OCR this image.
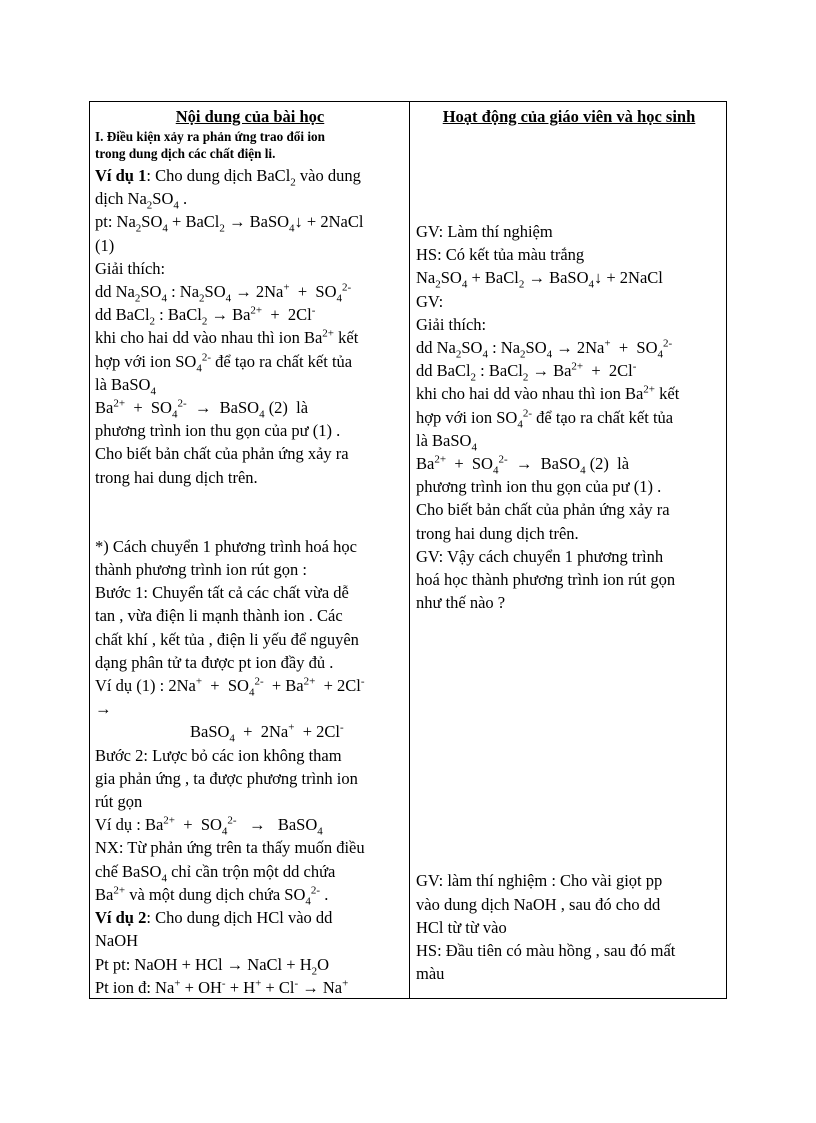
Nội dung của bài học

I. Điều kiện xảy ra phản ứng trao đổi ion
trong dung dịch các chất điện li.

Ví dụ 1: Cho dung dịch BaCl$_2$ vào dung

dịch $Na_2SO_4$ .

pt: $Na_2SO_4$ + BaCl$_2$ → BaSO$_4$↓ + 2NaCl

(1)

Giải thích:

dd $Na_2SO_4$ : $Na_2SO_4 \to 2Na^+ + SO_4^{2-}$

dd BaCl$_2$ : BaCl$_2$ → $Ba^{2+} + 2Cl^-$

khi cho hai dd vào nhau thì ion $Ba^{2+}$ kết

hợp với ion $SO_4^{2-}$ để tạo ra chất kết tủa

là BaSO$_4$

$Ba^{2+} + SO_4^{2-}$  →  BaSO$_4$ (2)  là

phương trình ion thu gọn của pư (1) .

Cho biết bản chất của phản ứng xảy ra

trong hai dung dịch trên.

*) Cách chuyển 1 phương trình hoá học

thành phương trình ion rút gọn :

Bước 1: Chuyển tất cả các chất vừa dễ

tan , vừa điện li mạnh thành ion . Các

chất khí , kết tủa , điện li yếu để nguyên

dạng phân tử ta được pt ion đầy đủ .

Ví dụ (1) : $2Na^+ + SO_4^{2-} + Ba^{2+} + 2Cl^-$

→

BaSO$_4$  +  2Na+  + 2Cl-

Bước 2: Lược bỏ các ion không tham

gia phản ứng , ta được phương trình ion

rút gọn

Ví dụ : $Ba^{2+} + SO_4^{2-}$   →   BaSO$_4$

NX: Từ phản ứng trên ta thấy muốn điều

chế BaSO$_4$ chỉ cần trộn một dd chứa

$Ba^{2+}$ và một dung dịch chứa $SO_4^{2-}$ .

Ví dụ 2: Cho dung dịch HCl vào dd

NaOH

Pt pt: NaOH + HCl → NaCl + $H_2O$

Pt ion đ: Na+ + OH- + H+ + Cl- → Na+

Hoạt động của giáo viên và học sinh

GV: Làm thí nghiệm

HS: Có kết tủa màu trắng

$Na_2SO_4$ + BaCl$_2$ → BaSO$_4$↓ + 2NaCl

GV:

Giải thích:

dd $Na_2SO_4$ : $Na_2SO_4 \to 2Na^+ + SO_4^{2-}$

dd BaCl$_2$ : BaCl$_2$ → $Ba^{2+} + 2Cl^-$

khi cho hai dd vào nhau thì ion $Ba^{2+}$ kết

hợp với ion $SO_4^{2-}$ để tạo ra chất kết tủa

là BaSO$_4$

$Ba^{2+} + SO_4^{2-}$  →  BaSO$_4$ (2)  là

phương trình ion thu gọn của pư (1) .

Cho biết bản chất của phản ứng xảy ra

trong hai dung dịch trên.

GV: Vậy cách chuyển 1 phương trình

hoá học thành phương trình ion rút gọn

như thế nào ?

GV: làm thí nghiệm : Cho vài giọt pp

vào dung dịch NaOH , sau đó cho dd

HCl từ từ vào

HS: Đầu tiên có màu hồng , sau đó mất

màu
